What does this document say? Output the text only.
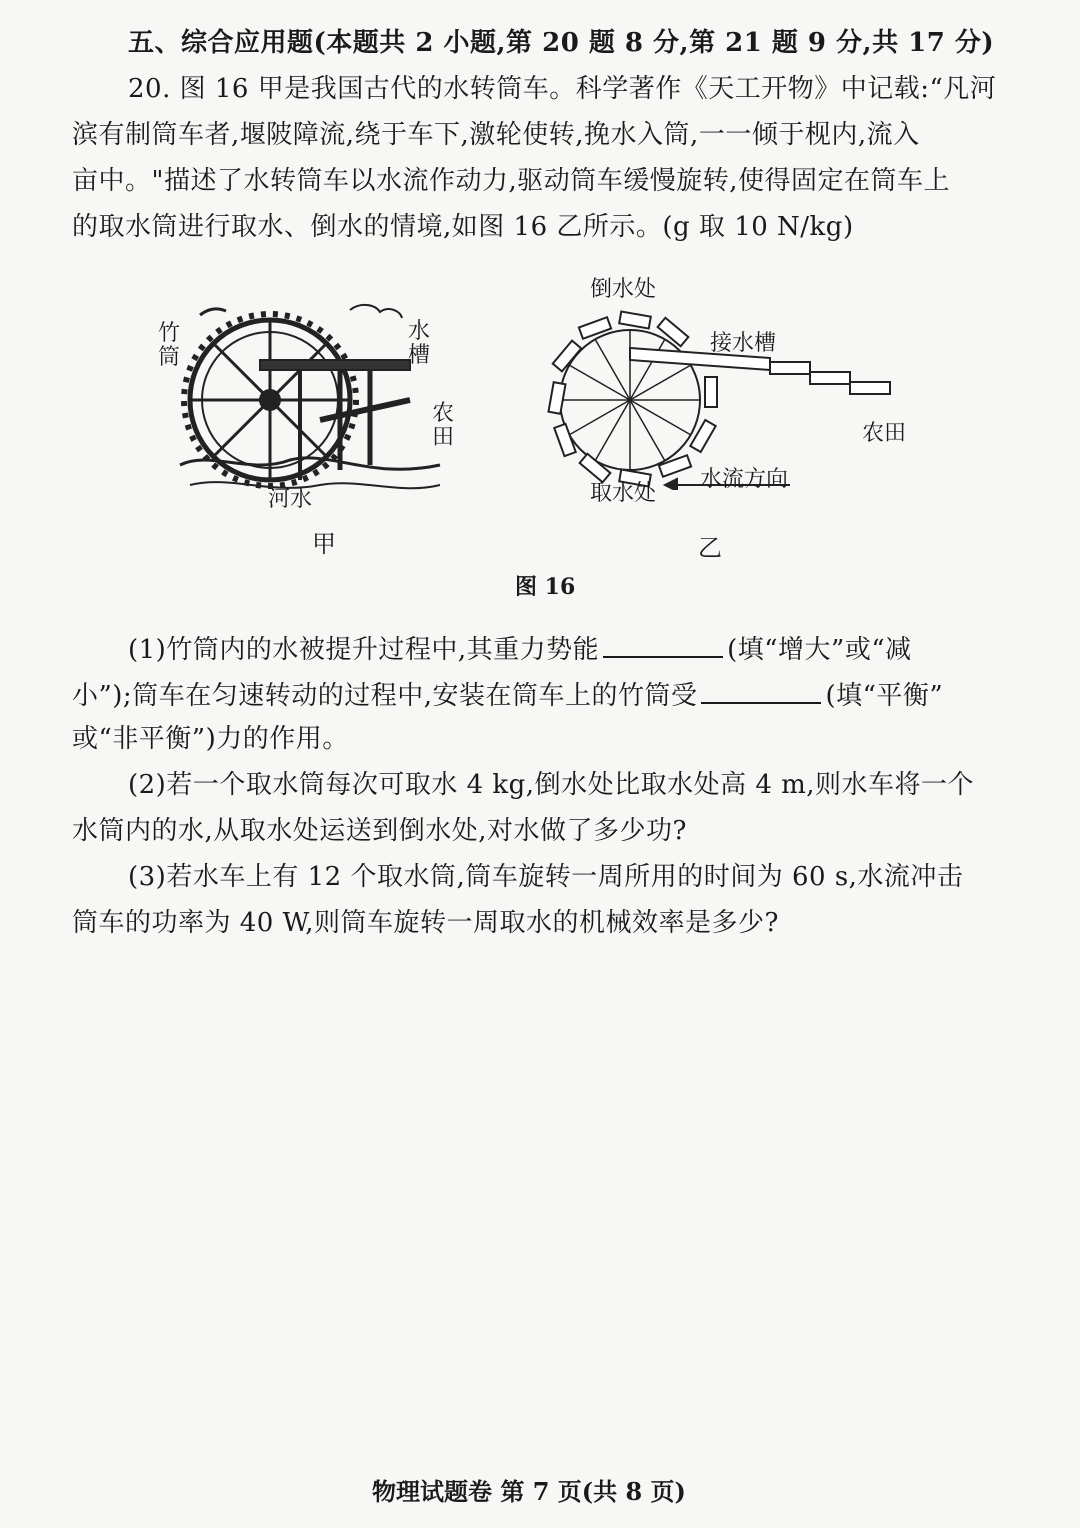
五、综合应用题(本题共 2 小题,第 20 题 8 分,第 21 题 9 分,共 17 分)
20. 图 16 甲是我国古代的水转筒车。科学著作《天工开物》中记载:“凡河
滨有制筒车者,堰陂障流,绕于车下,激轮使转,挽水入筒,一一倾于枧内,流入
亩中。"描述了水转筒车以水流作动力,驱动筒车缓慢旋转,使得固定在筒车上
的取水筒进行取水、倒水的情境,如图 16 乙所示。(g 取 10 N/kg)
竹筒
水槽
农田
河水
倒水处
接水槽
农田
水流方向
取水处
甲	乙
图 16
(1)竹筒内的水被提升过程中,其重力势能	(填“增大”或“减
小”);筒车在匀速转动的过程中,安装在筒车上的竹筒受	(填“平衡”
或“非平衡”)力的作用。
(2)若一个取水筒每次可取水 4 kg,倒水处比取水处高 4 m,则水车将一个
水筒内的水,从取水处运送到倒水处,对水做了多少功?
(3)若水车上有 12 个取水筒,筒车旋转一周所用的时间为 60 s,水流冲击
筒车的功率为 40 W,则筒车旋转一周取水的机械效率是多少?
物理试题卷 第 7 页(共 8 页)
